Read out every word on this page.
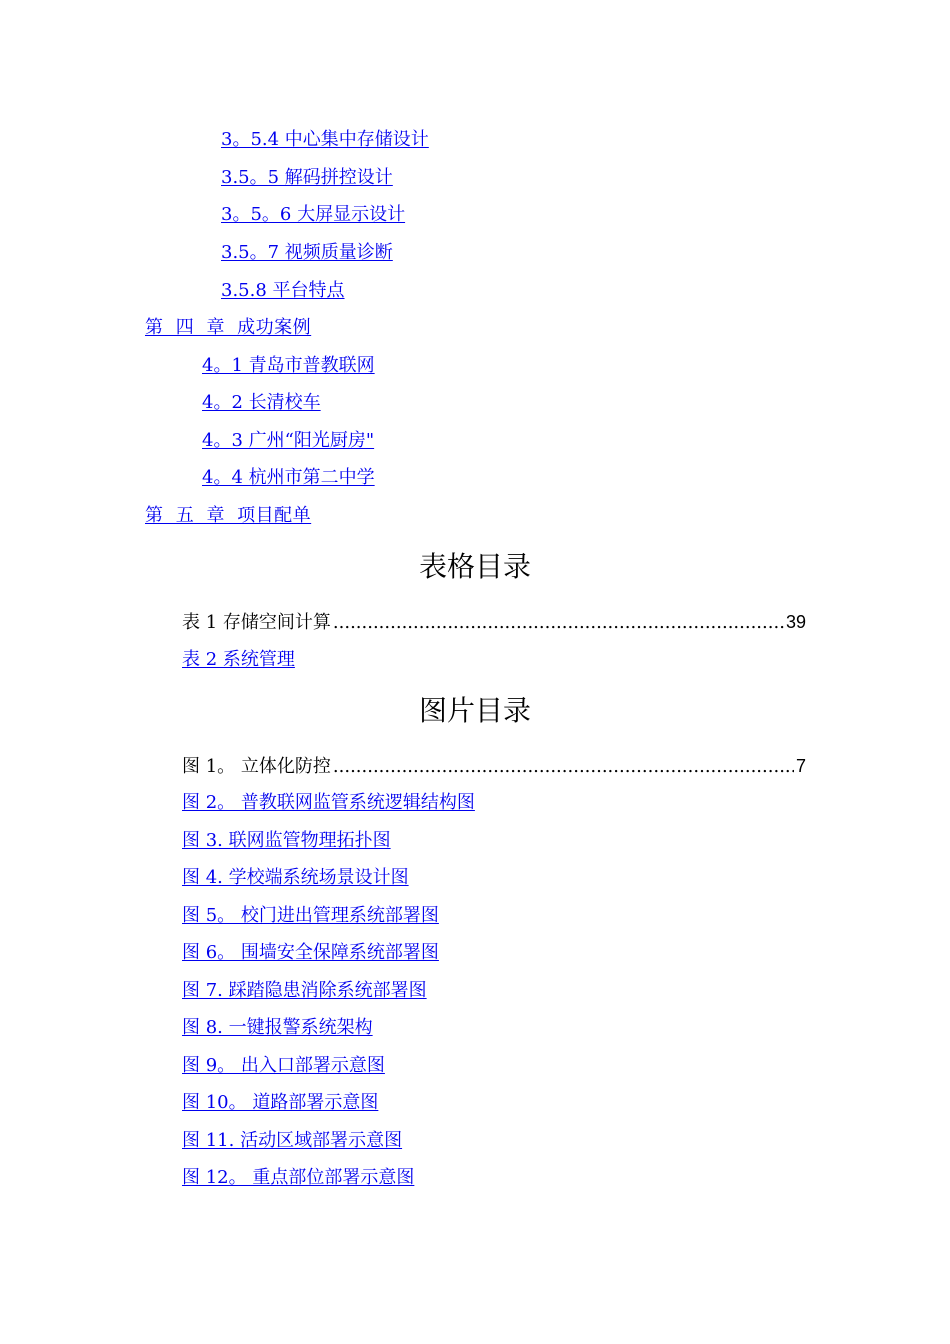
3。5.4 中心集中存储设计
3.5。5 解码拼控设计
3。5。6 大屏显示设计
3.5。7 视频质量诊断
3.5.8 平台特点
第 四 章 成功案例
4。1 青岛市普教联网
4。2 长清校车
4。3 广州“阳光厨房"
4。4 杭州市第二中学
第 五 章 项目配单
表格目录
表 1 存储空间计算 .....	39
表 2 系统管理
图片目录
图 1。 立体化防控 .....	7
图 2。 普教联网监管系统逻辑结构图
图 3. 联网监管物理拓扑图
图 4. 学校端系统场景设计图
图 5。 校门进出管理系统部署图
图 6。 围墙安全保障系统部署图
图 7. 踩踏隐患消除系统部署图
图 8. 一键报警系统架构
图 9。 出入口部署示意图
图 10。 道路部署示意图
图 11. 活动区域部署示意图
图 12。 重点部位部署示意图
